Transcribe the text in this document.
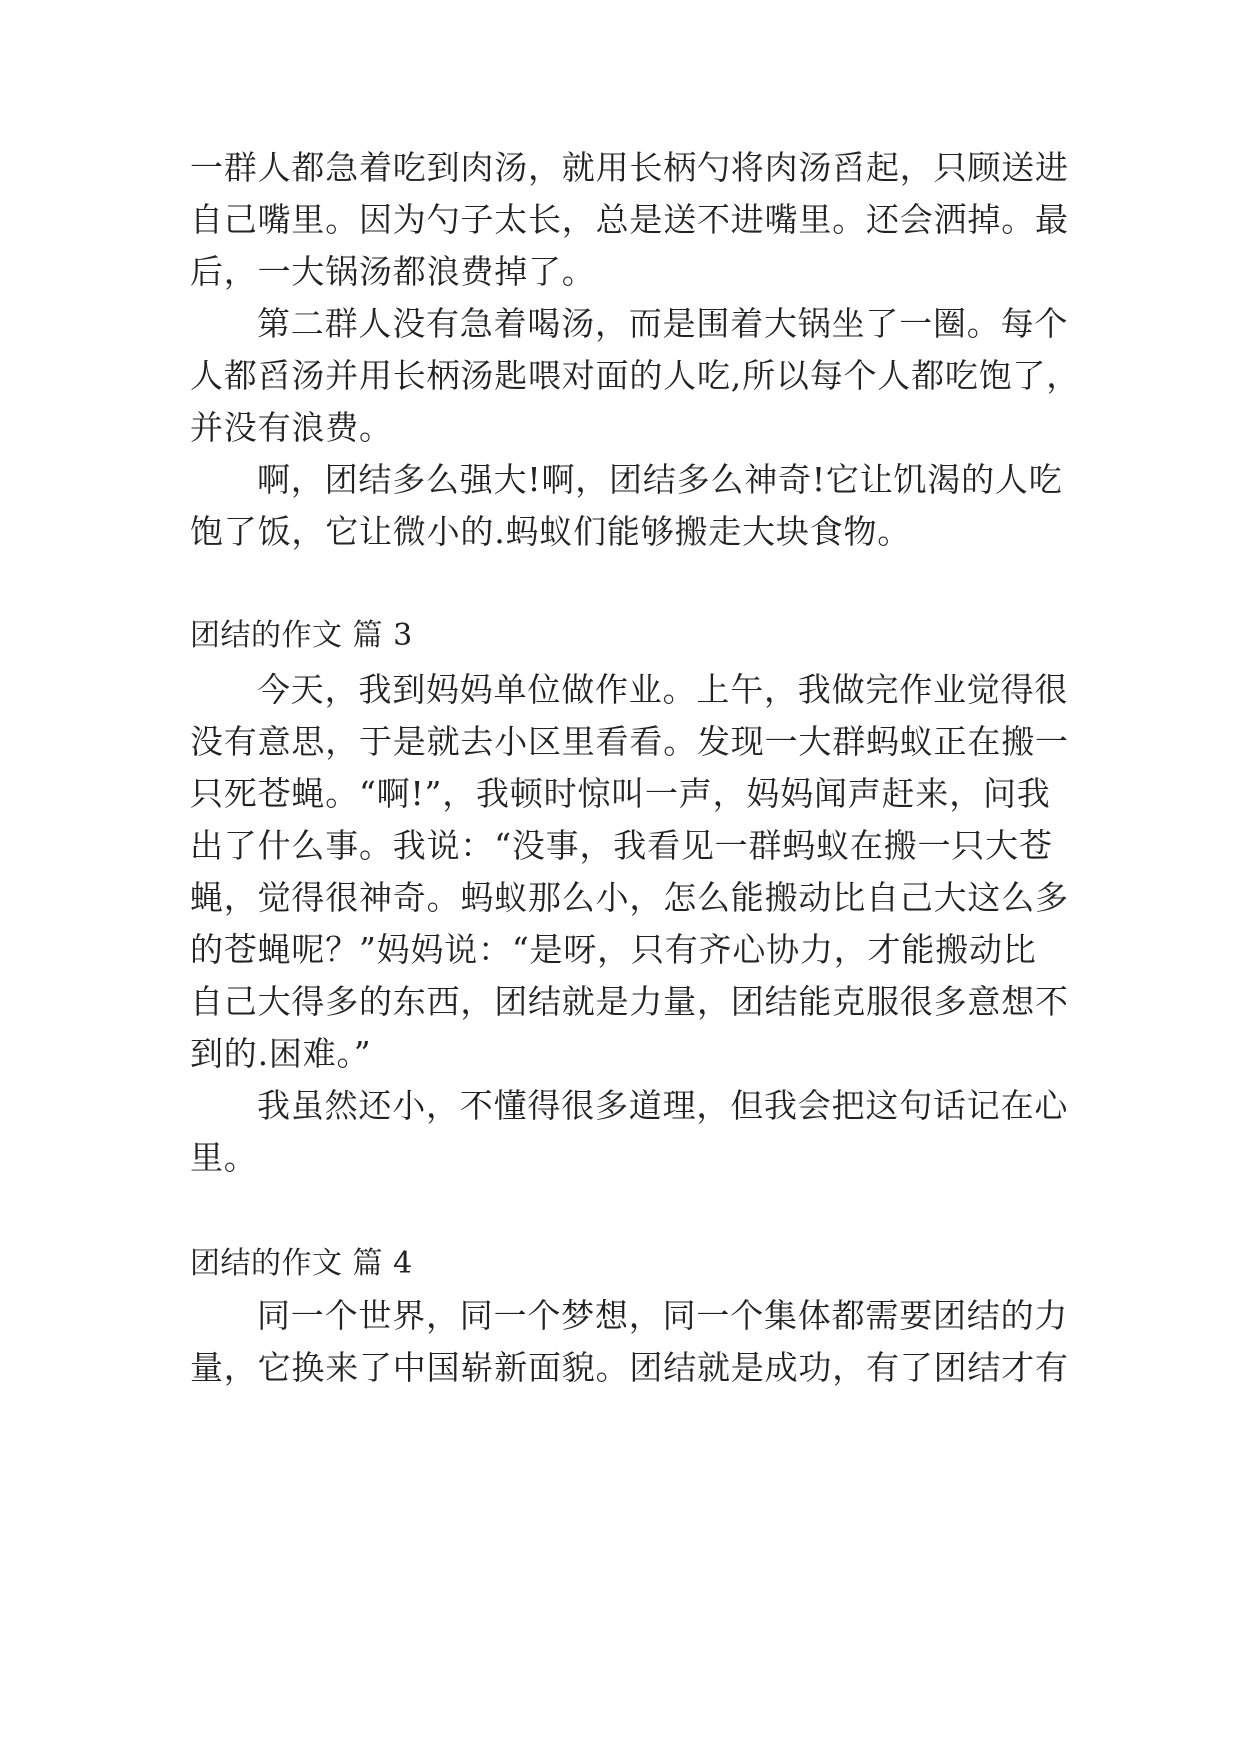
一群人都急着吃到肉汤，就用长柄勺将肉汤舀起，只顾送进
自己嘴里。因为勺子太长，总是送不进嘴里。还会洒掉。最
后，一大锅汤都浪费掉了。
第二群人没有急着喝汤，而是围着大锅坐了一圈。每个
人都舀汤并用长柄汤匙喂对面的人吃,所以每个人都吃饱了，
并没有浪费。
啊，团结多么强大!啊，团结多么神奇!它让饥渴的人吃
饱了饭，它让微小的.蚂蚁们能够搬走大块食物。
团结的作文 篇 3
今天，我到妈妈单位做作业。上午，我做完作业觉得很
没有意思，于是就去小区里看看。发现一大群蚂蚁正在搬一
只死苍蝇。“啊!”，我顿时惊叫一声，妈妈闻声赶来，问我
出了什么事。我说：“没事，我看见一群蚂蚁在搬一只大苍
蝇，觉得很神奇。蚂蚁那么小，怎么能搬动比自己大这么多
的苍蝇呢？”妈妈说：“是呀，只有齐心协力，才能搬动比
自己大得多的东西，团结就是力量，团结能克服很多意想不
到的.困难。”
我虽然还小，不懂得很多道理，但我会把这句话记在心
里。
团结的作文 篇 4
同一个世界，同一个梦想，同一个集体都需要团结的力
量，它换来了中国崭新面貌。团结就是成功，有了团结才有
